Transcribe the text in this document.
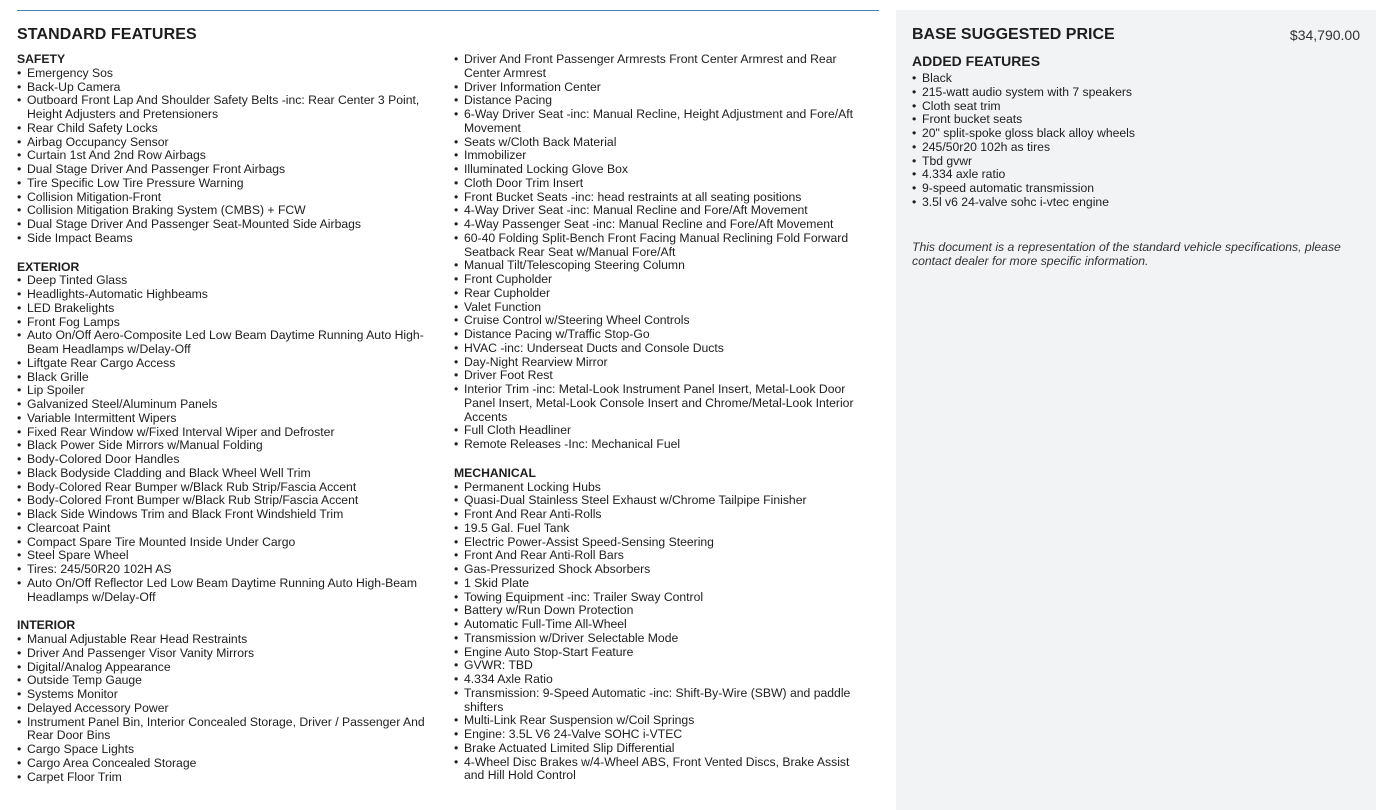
STANDARD FEATURES
SAFETY
• Emergency Sos
• Back-Up Camera
• Outboard Front Lap And Shoulder Safety Belts -inc: Rear Center 3 Point, Height Adjusters and Pretensioners
• Rear Child Safety Locks
• Airbag Occupancy Sensor
• Curtain 1st And 2nd Row Airbags
• Dual Stage Driver And Passenger Front Airbags
• Tire Specific Low Tire Pressure Warning
• Collision Mitigation-Front
• Collision Mitigation Braking System (CMBS) + FCW
• Dual Stage Driver And Passenger Seat-Mounted Side Airbags
• Side Impact Beams
EXTERIOR
• Deep Tinted Glass
• Headlights-Automatic Highbeams
• LED Brakelights
• Front Fog Lamps
• Auto On/Off Aero-Composite Led Low Beam Daytime Running Auto High-Beam Headlamps w/Delay-Off
• Liftgate Rear Cargo Access
• Black Grille
• Lip Spoiler
• Galvanized Steel/Aluminum Panels
• Variable Intermittent Wipers
• Fixed Rear Window w/Fixed Interval Wiper and Defroster
• Black Power Side Mirrors w/Manual Folding
• Body-Colored Door Handles
• Black Bodyside Cladding and Black Wheel Well Trim
• Body-Colored Rear Bumper w/Black Rub Strip/Fascia Accent
• Body-Colored Front Bumper w/Black Rub Strip/Fascia Accent
• Black Side Windows Trim and Black Front Windshield Trim
• Clearcoat Paint
• Compact Spare Tire Mounted Inside Under Cargo
• Steel Spare Wheel
• Tires: 245/50R20 102H AS
• Auto On/Off Reflector Led Low Beam Daytime Running Auto High-Beam Headlamps w/Delay-Off
INTERIOR
• Manual Adjustable Rear Head Restraints
• Driver And Passenger Visor Vanity Mirrors
• Digital/Analog Appearance
• Outside Temp Gauge
• Systems Monitor
• Delayed Accessory Power
• Instrument Panel Bin, Interior Concealed Storage, Driver / Passenger And Rear Door Bins
• Cargo Space Lights
• Cargo Area Concealed Storage
• Carpet Floor Trim
• Driver And Front Passenger Armrests Front Center Armrest and Rear Center Armrest
• Driver Information Center
• Distance Pacing
• 6-Way Driver Seat -inc: Manual Recline, Height Adjustment and Fore/Aft Movement
• Seats w/Cloth Back Material
• Immobilizer
• Illuminated Locking Glove Box
• Cloth Door Trim Insert
• Front Bucket Seats -inc: head restraints at all seating positions
• 4-Way Driver Seat -inc: Manual Recline and Fore/Aft Movement
• 4-Way Passenger Seat -inc: Manual Recline and Fore/Aft Movement
• 60-40 Folding Split-Bench Front Facing Manual Reclining Fold Forward Seatback Rear Seat w/Manual Fore/Aft
• Manual Tilt/Telescoping Steering Column
• Front Cupholder
• Rear Cupholder
• Valet Function
• Cruise Control w/Steering Wheel Controls
• Distance Pacing w/Traffic Stop-Go
• HVAC -inc: Underseat Ducts and Console Ducts
• Day-Night Rearview Mirror
• Driver Foot Rest
• Interior Trim -inc: Metal-Look Instrument Panel Insert, Metal-Look Door Panel Insert, Metal-Look Console Insert and Chrome/Metal-Look Interior Accents
• Full Cloth Headliner
• Remote Releases -Inc: Mechanical Fuel
MECHANICAL
• Permanent Locking Hubs
• Quasi-Dual Stainless Steel Exhaust w/Chrome Tailpipe Finisher
• Front And Rear Anti-Rolls
• 19.5 Gal. Fuel Tank
• Electric Power-Assist Speed-Sensing Steering
• Front And Rear Anti-Roll Bars
• Gas-Pressurized Shock Absorbers
• 1 Skid Plate
• Towing Equipment -inc: Trailer Sway Control
• Battery w/Run Down Protection
• Automatic Full-Time All-Wheel
• Transmission w/Driver Selectable Mode
• Engine Auto Stop-Start Feature
• GVWR: TBD
• 4.334 Axle Ratio
• Transmission: 9-Speed Automatic -inc: Shift-By-Wire (SBW) and paddle shifters
• Multi-Link Rear Suspension w/Coil Springs
• Engine: 3.5L V6 24-Valve SOHC i-VTEC
• Brake Actuated Limited Slip Differential
• 4-Wheel Disc Brakes w/4-Wheel ABS, Front Vented Discs, Brake Assist and Hill Hold Control
BASE SUGGESTED PRICE	$34,790.00
ADDED FEATURES
• Black
• 215-watt audio system with 7 speakers
• Cloth seat trim
• Front bucket seats
• 20" split-spoke gloss black alloy wheels
• 245/50r20 102h as tires
• Tbd gvwr
• 4.334 axle ratio
• 9-speed automatic transmission
• 3.5l v6 24-valve sohc i-vtec engine
This document is a representation of the standard vehicle specifications, please contact dealer for more specific information.
